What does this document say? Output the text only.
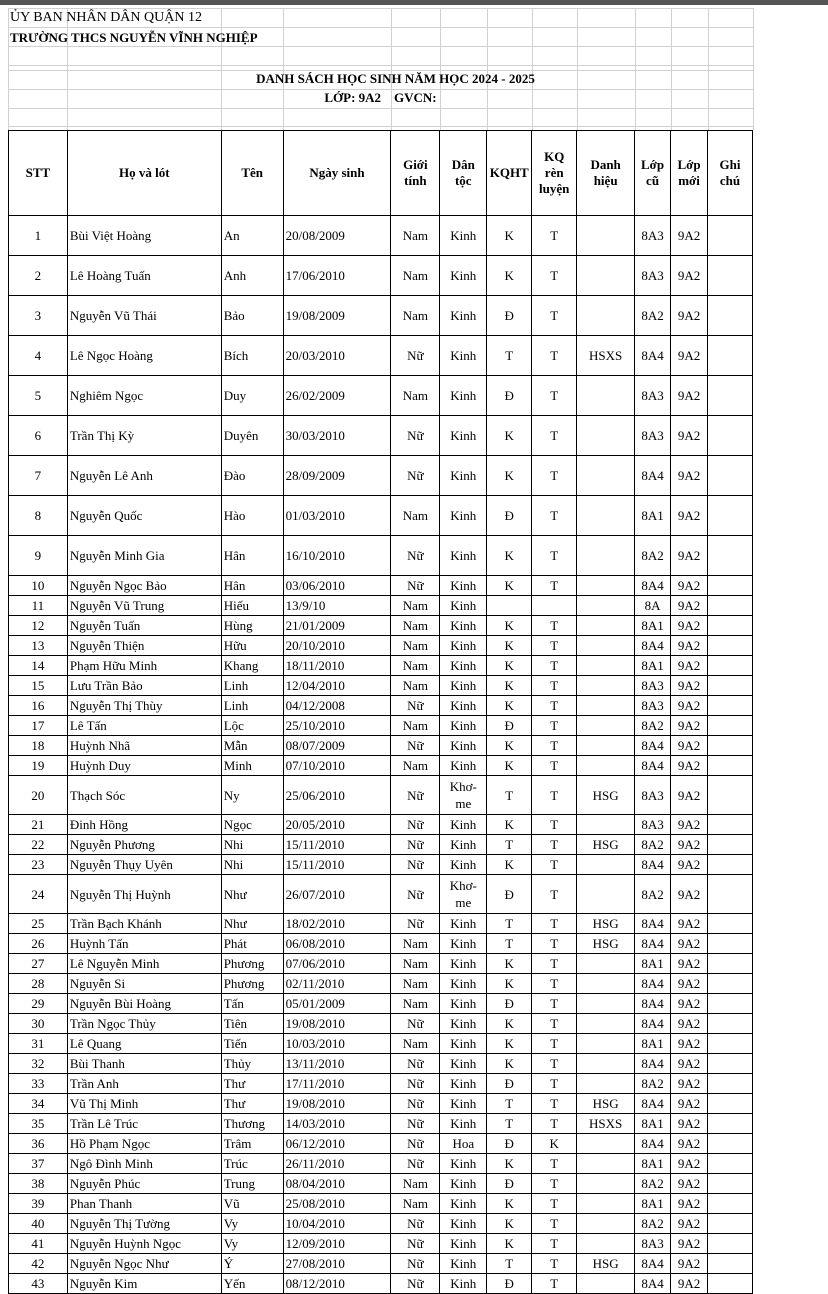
ỦY BAN NHÂN DÂN QUẬN 12
TRƯỜNG THCS NGUYỄN VĨNH NGHIỆP
DANH SÁCH HỌC SINH NĂM HỌC 2024 - 2025
LỚP: 9A2    GVCN:
STT	Họ và lót	Tên	Ngày sinh	Giới tính	Dân tộc	KQHT	KQ rèn luyện	Danh hiệu	Lớp cũ	Lớp mới	Ghi chú
1	Bùi Việt Hoàng	An	20/08/2009	Nam	Kinh	K	T		8A3	9A2	
2	Lê Hoàng Tuấn	Anh	17/06/2010	Nam	Kinh	K	T		8A3	9A2	
3	Nguyễn Vũ Thái	Bảo	19/08/2009	Nam	Kinh	Đ	T		8A2	9A2	
4	Lê Ngọc Hoàng	Bích	20/03/2010	Nữ	Kinh	T	T	HSXS	8A4	9A2	
5	Nghiêm Ngọc	Duy	26/02/2009	Nam	Kinh	Đ	T		8A3	9A2	
6	Trần Thị Kỳ	Duyên	30/03/2010	Nữ	Kinh	K	T		8A3	9A2	
7	Nguyễn Lê Anh	Đào	28/09/2009	Nữ	Kinh	K	T		8A4	9A2	
8	Nguyễn Quốc	Hào	01/03/2010	Nam	Kinh	Đ	T		8A1	9A2	
9	Nguyễn Minh Gia	Hân	16/10/2010	Nữ	Kinh	K	T		8A2	9A2	
10	Nguyễn Ngọc Bảo	Hân	03/06/2010	Nữ	Kinh	K	T		8A4	9A2	
11	Nguyễn Vũ Trung	Hiếu	13/9/10	Nam	Kinh				8A	9A2	
12	Nguyễn Tuấn	Hùng	21/01/2009	Nam	Kinh	K	T		8A1	9A2	
13	Nguyễn Thiện	Hữu	20/10/2010	Nam	Kinh	K	T		8A4	9A2	
14	Phạm Hữu Minh	Khang	18/11/2010	Nam	Kinh	K	T		8A1	9A2	
15	Lưu Trần Bảo	Linh	12/04/2010	Nam	Kinh	K	T		8A3	9A2	
16	Nguyễn Thị Thùy	Linh	04/12/2008	Nữ	Kinh	K	T		8A3	9A2	
17	Lê Tấn	Lộc	25/10/2010	Nam	Kinh	Đ	T		8A2	9A2	
18	Huỳnh Nhã	Mẫn	08/07/2009	Nữ	Kinh	K	T		8A4	9A2	
19	Huỳnh Duy	Minh	07/10/2010	Nam	Kinh	K	T		8A4	9A2	
20	Thạch Sóc	Ny	25/06/2010	Nữ	Khơ-me	T	T	HSG	8A3	9A2	
21	Đinh Hồng	Ngọc	20/05/2010	Nữ	Kinh	K	T		8A3	9A2	
22	Nguyễn Phương	Nhi	15/11/2010	Nữ	Kinh	T	T	HSG	8A2	9A2	
23	Nguyễn Thụy Uyên	Nhi	15/11/2010	Nữ	Kinh	K	T		8A4	9A2	
24	Nguyễn Thị Huỳnh	Như	26/07/2010	Nữ	Khơ-me	Đ	T		8A2	9A2	
25	Trần Bạch Khánh	Như	18/02/2010	Nữ	Kinh	T	T	HSG	8A4	9A2	
26	Huỳnh Tấn	Phát	06/08/2010	Nam	Kinh	T	T	HSG	8A4	9A2	
27	Lê Nguyễn Minh	Phương	07/06/2010	Nam	Kinh	K	T		8A1	9A2	
28	Nguyễn Si	Phương	02/11/2010	Nam	Kinh	K	T		8A4	9A2	
29	Nguyễn Bùi Hoàng	Tấn	05/01/2009	Nam	Kinh	Đ	T		8A4	9A2	
30	Trần Ngọc Thủy	Tiên	19/08/2010	Nữ	Kinh	K	T		8A4	9A2	
31	Lê Quang	Tiến	10/03/2010	Nam	Kinh	K	T		8A1	9A2	
32	Bùi Thanh	Thủy	13/11/2010	Nữ	Kinh	K	T		8A4	9A2	
33	Trần Anh	Thư	17/11/2010	Nữ	Kinh	Đ	T		8A2	9A2	
34	Vũ Thị Minh	Thư	19/08/2010	Nữ	Kinh	T	T	HSG	8A4	9A2	
35	Trần Lê Trúc	Thương	14/03/2010	Nữ	Kinh	T	T	HSXS	8A1	9A2	
36	Hồ Phạm Ngọc	Trâm	06/12/2010	Nữ	Hoa	Đ	K		8A4	9A2	
37	Ngô Đình Minh	Trúc	26/11/2010	Nữ	Kinh	K	T		8A1	9A2	
38	Nguyễn Phúc	Trung	08/04/2010	Nam	Kinh	Đ	T		8A2	9A2	
39	Phan Thanh	Vũ	25/08/2010	Nam	Kinh	K	T		8A1	9A2	
40	Nguyễn Thị Tường	Vy	10/04/2010	Nữ	Kinh	K	T		8A2	9A2	
41	Nguyễn Huỳnh Ngọc	Vy	12/09/2010	Nữ	Kinh	K	T		8A3	9A2	
42	Nguyễn Ngọc Như	Ý	27/08/2010	Nữ	Kinh	T	T	HSG	8A4	9A2	
43	Nguyễn Kim	Yến	08/12/2010	Nữ	Kinh	Đ	T		8A4	9A2	
